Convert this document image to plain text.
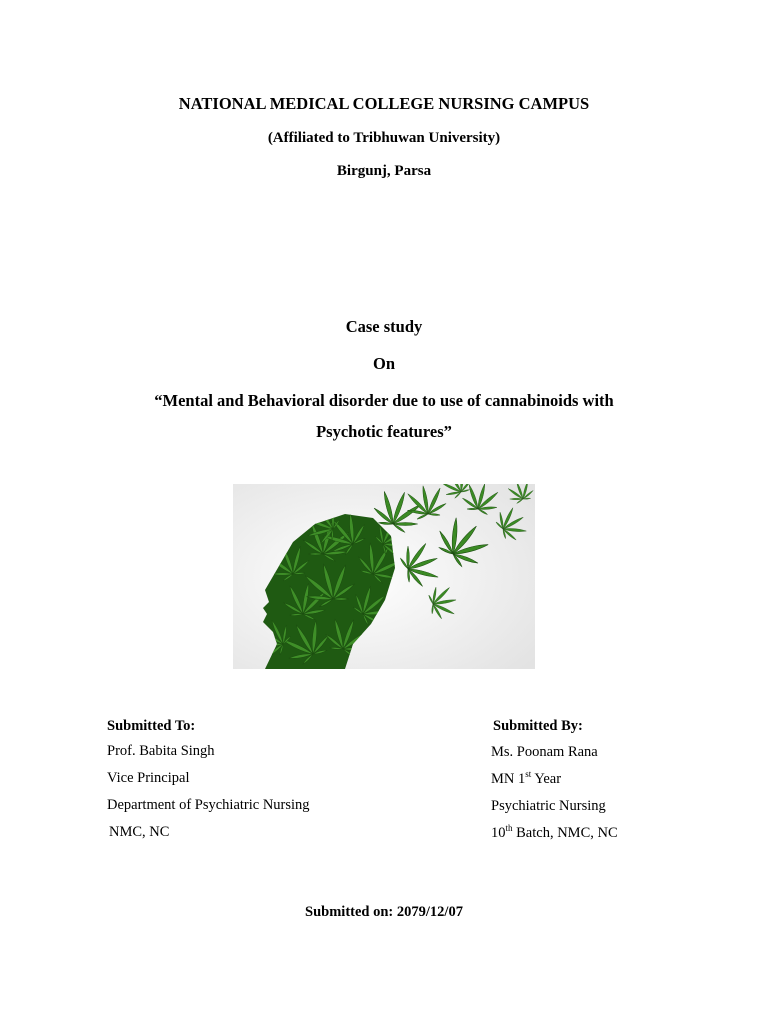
NATIONAL MEDICAL COLLEGE NURSING CAMPUS
(Affiliated to Tribhuwan University)
Birgunj, Parsa
Case study
On
“Mental and Behavioral disorder due to use of cannabinoids with
Psychotic features”
Submitted To:
Prof. Babita Singh
Vice Principal
Department of Psychiatric Nursing
NMC, NC
Submitted By:
Ms. Poonam Rana
MN 1st Year
Psychiatric Nursing
10th Batch, NMC, NC
Submitted on: 2079/12/07
